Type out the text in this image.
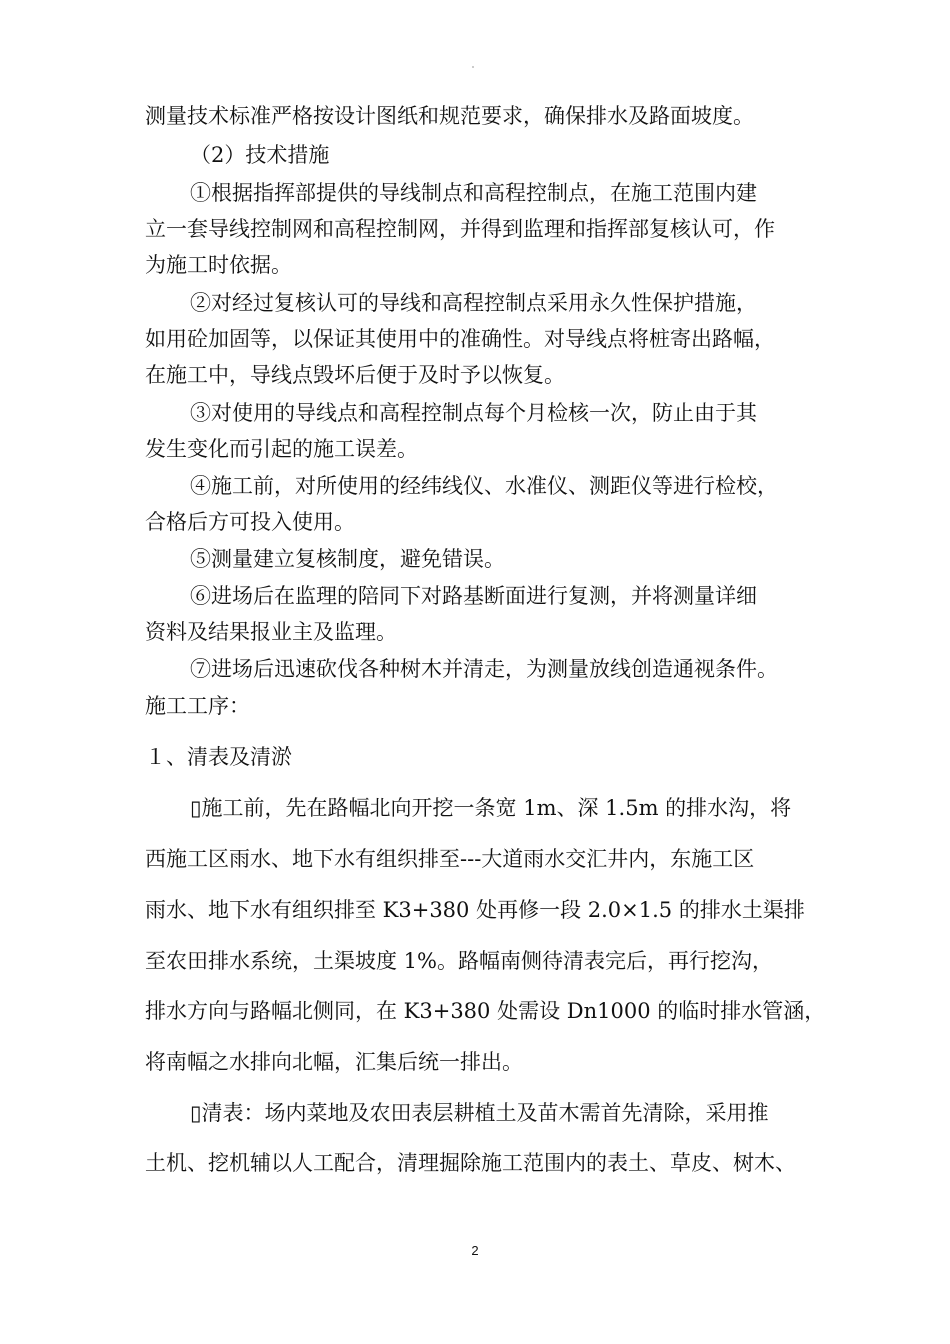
测量技术标准严格按设计图纸和规范要求，确保排水及路面坡度。

（2）技术措施

①根据指挥部提供的导线制点和高程控制点，在施工范围内建

立一套导线控制网和高程控制网，并得到监理和指挥部复核认可，作

为施工时依据。

②对经过复核认可的导线和高程控制点采用永久性保护措施，

如用砼加固等，以保证其使用中的准确性。对导线点将桩寄出路幅，

在施工中，导线点毁坏后便于及时予以恢复。

③对使用的导线点和高程控制点每个月检核一次，防止由于其

发生变化而引起的施工误差。

④施工前，对所使用的经纬线仪、水准仪、测距仪等进行检校，

合格后方可投入使用。

⑤测量建立复核制度，避免错误。

⑥进场后在监理的陪同下对路基断面进行复测，并将测量详细

资料及结果报业主及监理。

⑦进场后迅速砍伐各种树木并清走，为测量放线创造通视条件。

施工工序：

１、清表及清淤

▯施工前，先在路幅北向开挖一条宽 1m、深 1.5m 的排水沟，将

西施工区雨水、地下水有组织排至---大道雨水交汇井内，东施工区

雨水、地下水有组织排至 K3+380 处再修一段 2.0×1.5 的排水土渠排

至农田排水系统，土渠坡度 1%。路幅南侧待清表完后，再行挖沟，

排水方向与路幅北侧同，在 K3+380 处需设 Dn1000 的临时排水管涵，

将南幅之水排向北幅，汇集后统一排出。

▯清表：场内菜地及农田表层耕植土及苗木需首先清除，采用推

土机、挖机辅以人工配合，清理掘除施工范围内的表土、草皮、树木、

2
